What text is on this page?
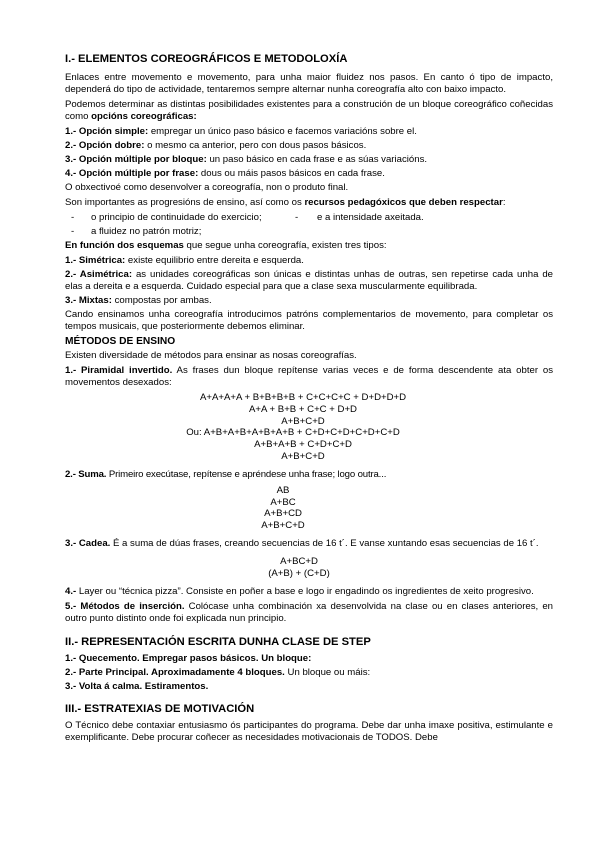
I.- ELEMENTOS COREOGRÁFICOS E METODOLOXÍA

Enlaces entre movemento e movemento, para unha maior fluidez nos pasos. En canto ó tipo de impacto, dependerá do tipo de actividade, tentaremos sempre alternar nunha coreografía alto con baixo impacto.

Podemos determinar as distintas posibilidades existentes para a construción de un bloque coreográfico coñecidas como opcións coreográficas:

1.- Opción simple: empregar un único paso básico e facemos variacións sobre el.
2.- Opción dobre: o mesmo ca anterior, pero con dous pasos básicos.
3.- Opción múltiple por bloque: un paso básico en cada frase e as súas variacións.
4.- Opción múltiple por frase: dous ou máis pasos básicos en cada frase.

O obxectivoé como desenvolver a coreografía, non o produto final.

Son importantes as progresións de ensino, así como os recursos pedagóxicos que deben respectar:

-	o principio de continuidade do exercicio;	-	e a intensidade axeitada.
-	a fluidez no patrón motriz;

En función dos esquemas que segue unha coreografía, existen tres tipos:

1.- Simétrica: existe equilibrio entre dereita e esquerda.

2.- Asimétrica: as unidades coreográficas son únicas e distintas unhas de outras, sen repetirse cada unha de elas a dereita e a esquerda. Cuidado especial para que a clase sexa muscularmente equilibrada.

3.- Mixtas: compostas por ambas.

Cando ensinamos unha coreografía introducimos patróns complementarios de movemento, para completar os tempos musicais, que posteriormente debemos eliminar.

MÉTODOS DE ENSINO

Existen diversidade de métodos para ensinar as nosas coreografías.

1.- Piramidal invertido. As frases dun bloque repítense varias veces e de forma descendente ata obter os movementos desexados:

A+A+A+A + B+B+B+B + C+C+C+C + D+D+D+D
A+A + B+B + C+C + D+D
A+B+C+D
Ou: A+B+A+B+A+B+A+B + C+D+C+D+C+D+C+D
A+B+A+B + C+D+C+D
A+B+C+D

2.- Suma. Primeiro execútase, repítense e apréndese unha frase; logo outra...

AB
A+BC
A+B+CD
A+B+C+D

3.- Cadea. É a suma de dúas frases, creando secuencias de 16 t´. E vanse xuntando esas secuencias de 16 t´.

A+BC+D
(A+B) + (C+D)

4.- Layer ou “técnica pizza”. Consiste en poñer a base e logo ir engadindo os ingredientes de xeito progresivo.

5.- Métodos de inserción. Colócase unha combinación xa desenvolvida na clase ou en clases anteriores, en outro punto distinto onde foi explicada nun principio.

II.- REPRESENTACIÓN ESCRITA DUNHA CLASE DE STEP
1.- Quecemento. Empregar pasos básicos. Un bloque:
2.- Parte Principal. Aproximadamente 4 bloques. Un bloque ou máis:
3.- Volta á calma. Estiramentos.
III.- ESTRATEXIAS DE MOTIVACIÓN

O Técnico debe contaxiar entusiasmo ós participantes do programa. Debe dar unha imaxe positiva, estimulante e exemplificante. Debe procurar coñecer as necesidades motivacionais de TODOS. Debe
